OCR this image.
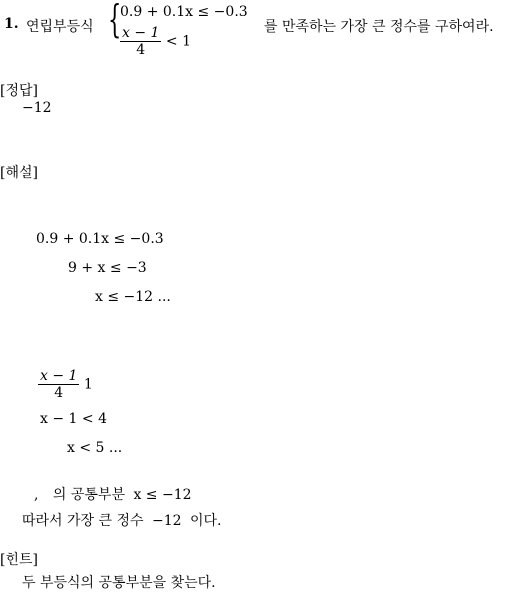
1. 연립부등식 {
0.9 + 0.1x ≤ −0.3
$\frac{x - 1}{4} < 1$
를 만족하는 가장 큰 정수를 구하여라.
[정답]
−12
[해설]
0.9 + 0.1x ≤ −0.3
9 + x ≤ −3
x ≤ −12 ...
$\frac{x - 1}{4} 1$
x − 1 < 4
x < 5 ...
, 의 공통부분 x ≤ −12
따라서 가장 큰 정수 −12 이다.
[힌트]
두 부등식의 공통부분을 찾는다.
